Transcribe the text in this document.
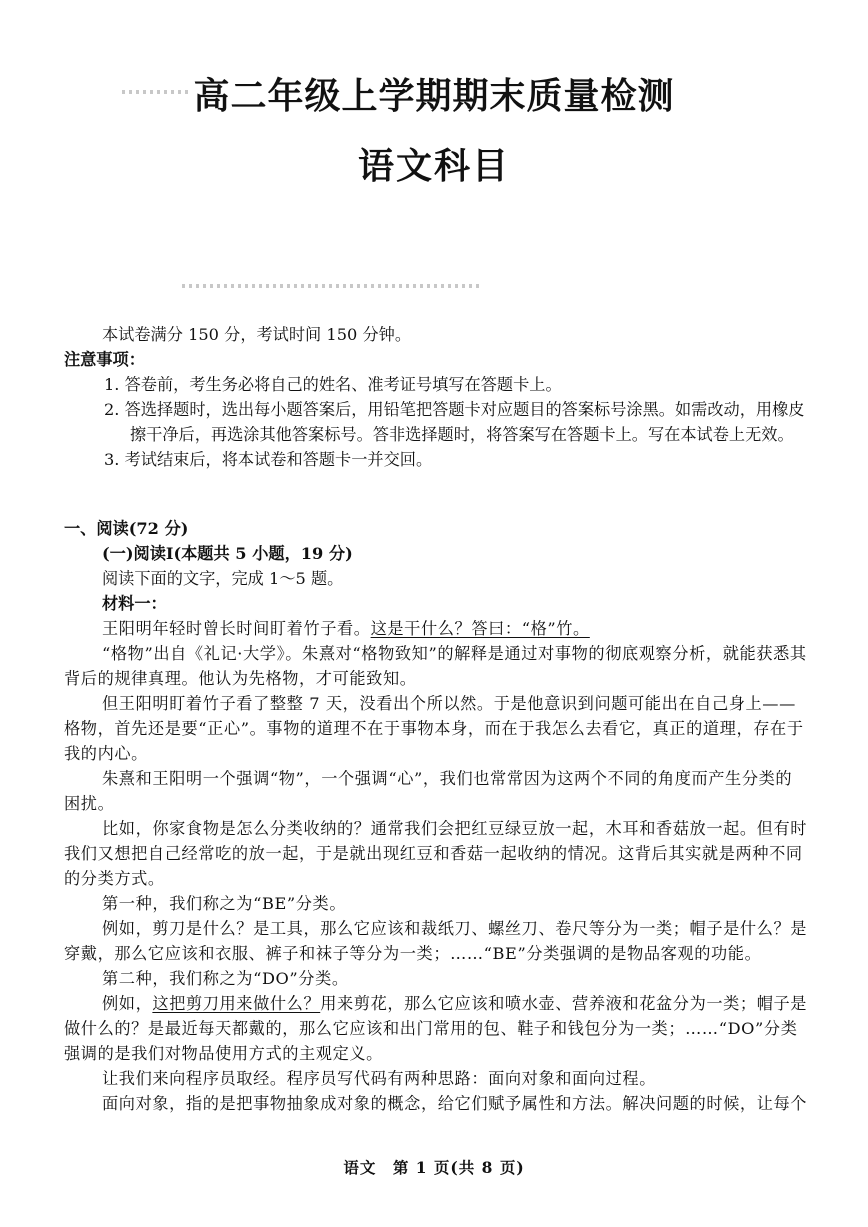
高二年级上学期期末质量检测
语文科目

本试卷满分 150 分，考试时间 150 分钟。

注意事项：

1. 答卷前，考生务必将自己的姓名、准考证号填写在答题卡上。

2. 答选择题时，选出每小题答案后，用铅笔把答题卡对应题目的答案标号涂黑。如需改动，用橡皮擦干净后，再选涂其他答案标号。答非选择题时，将答案写在答题卡上。写在本试卷上无效。

3. 考试结束后，将本试卷和答题卡一并交回。

一、阅读(72 分)

(一)阅读Ⅰ(本题共 5 小题，19 分)

阅读下面的文字，完成 1～5 题。

材料一：

王阳明年轻时曾长时间盯着竹子看。这是干什么？答曰：“格”竹。

“格物”出自《礼记·大学》。朱熹对“格物致知”的解释是通过对事物的彻底观察分析，就能获悉其背后的规律真理。他认为先格物，才可能致知。

但王阳明盯着竹子看了整整 7 天，没看出个所以然。于是他意识到问题可能出在自己身上——格物，首先还是要“正心”。事物的道理不在于事物本身，而在于我怎么去看它，真正的道理，存在于我的内心。

朱熹和王阳明一个强调“物”，一个强调“心”，我们也常常因为这两个不同的角度而产生分类的困扰。

比如，你家食物是怎么分类收纳的？通常我们会把红豆绿豆放一起，木耳和香菇放一起。但有时我们又想把自己经常吃的放一起，于是就出现红豆和香菇一起收纳的情况。这背后其实就是两种不同的分类方式。

第一种，我们称之为“BE”分类。

例如，剪刀是什么？是工具，那么它应该和裁纸刀、螺丝刀、卷尺等分为一类；帽子是什么？是穿戴，那么它应该和衣服、裤子和袜子等分为一类；……“BE”分类强调的是物品客观的功能。

第二种，我们称之为“DO”分类。

例如，这把剪刀用来做什么？用来剪花，那么它应该和喷水壶、营养液和花盆分为一类；帽子是做什么的？是最近每天都戴的，那么它应该和出门常用的包、鞋子和钱包分为一类；……“DO”分类强调的是我们对物品使用方式的主观定义。

让我们来向程序员取经。程序员写代码有两种思路：面向对象和面向过程。

面向对象，指的是把事物抽象成对象的概念，给它们赋予属性和方法。解决问题的时候，让每个

语文　第 1 页(共 8 页)
